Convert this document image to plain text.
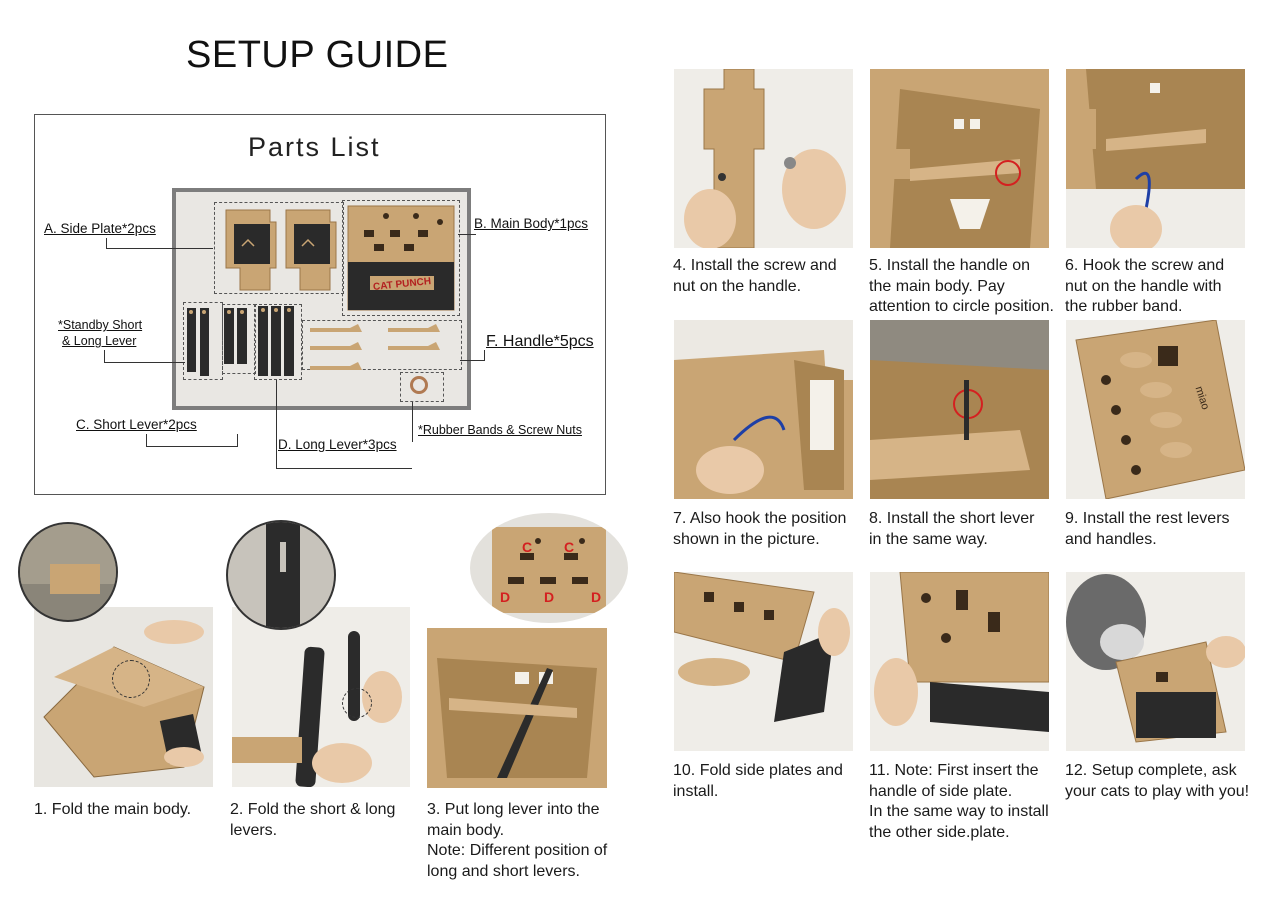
SETUP GUIDE
Parts List
CAT PUNCH
A. Side Plate*2pcs	B. Main Body*1pcs
*Standby Short
& Long Lever	F. Handle*5pcs
C. Short Lever*2pcs
D. Long Lever*3pcs
*Rubber Bands & Screw Nuts
C C
D D	D
1. Fold the main body. 2. Fold the short & long
levers.
3. Put long lever into the
main body.
Note: Different position of
long and short levers.
4. Install the screw and
nut on the handle.
5. Install the handle on
the main body. Pay
attention to circle position.
6. Hook the screw and
nut on the handle with
the rubber band.
miao
7. Also hook the position
shown in the picture.
8. Install the short lever
in the same way.
9. Install the rest levers
and handles.
10. Fold side plates and
install.
11. Note: First insert the
handle of side plate.
In the same way to install
the other side.plate.
12. Setup complete, ask
your cats to play with you!
